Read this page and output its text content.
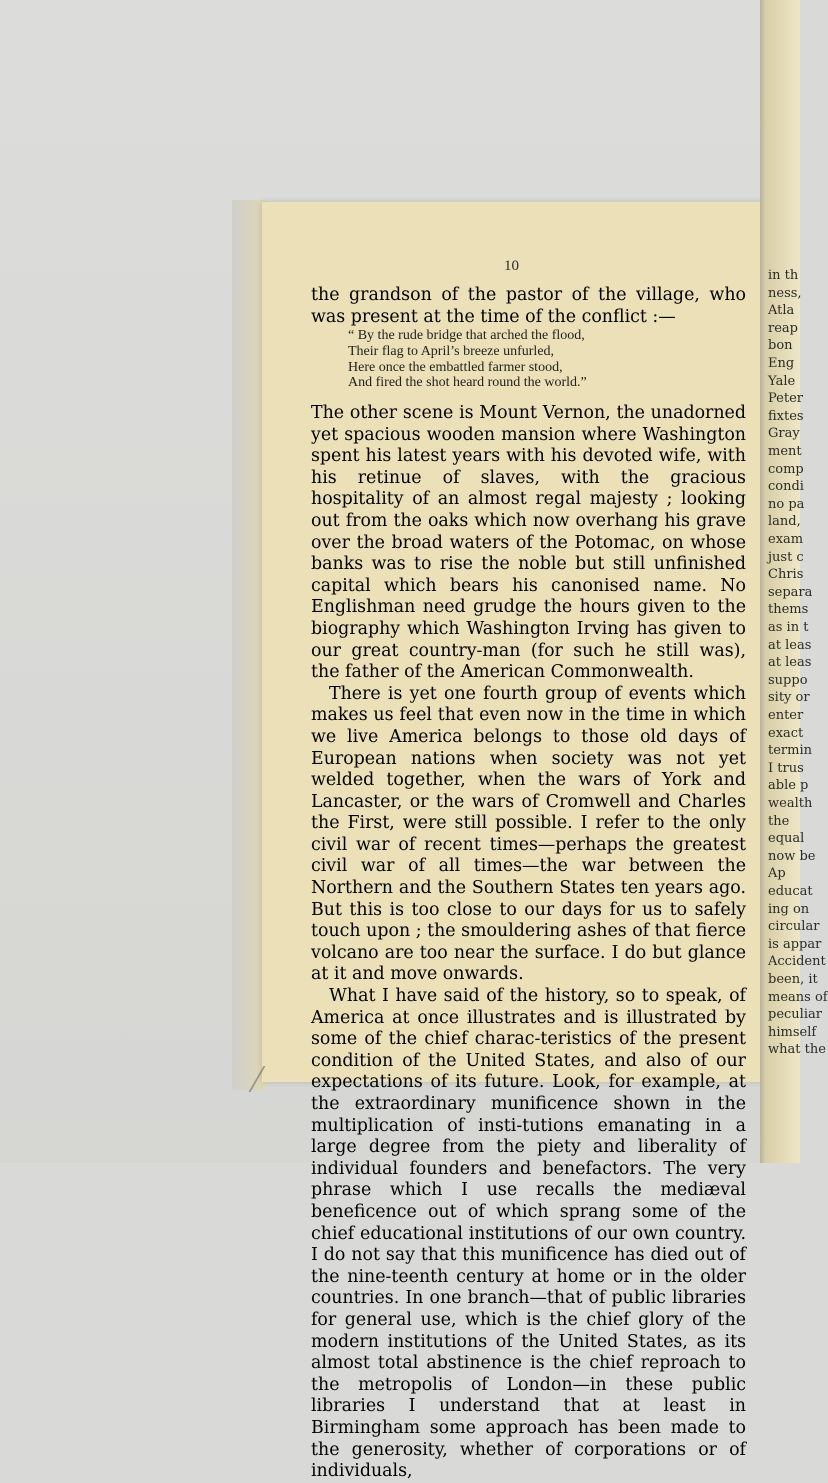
in th
ness,
Atla
reap
bon
Eng
Yale
Peter
fixtes
Gray
ment
comp
condi
no pa
land,
exam
just c
Chris
separa
thems
as in t
at leas
at leas
suppo
sity or
enter
exact
termin
I trus
able p
wealth
the
equal
now be
Ap
educat
ing on
circular
is appar
Accident
been, it
means of
peculiar
himself
what the
10

the grandson of the pastor of the village, who was present at the time of the conflict :—

“ By the rude bridge that arched the flood,
Their flag to April’s breeze unfurled,
Here once the embattled farmer stood,
And fired the shot heard round the world.”

The other scene is Mount Vernon, the unadorned yet spacious wooden mansion where Washington spent his latest years with his devoted wife, with his retinue of slaves, with the gracious hospitality of an almost regal majesty ; looking out from the oaks which now overhang his grave over the broad waters of the Potomac, on whose banks was to rise the noble but still unfinished capital which bears his canonised name. No Englishman need grudge the hours given to the biography which Washington Irving has given to our great country-man (for such he still was), the father of the American Commonwealth.

There is yet one fourth group of events which makes us feel that even now in the time in which we live America belongs to those old days of European nations when society was not yet welded together, when the wars of York and Lancaster, or the wars of Cromwell and Charles the First, were still possible. I refer to the only civil war of recent times—perhaps the greatest civil war of all times—the war between the Northern and the Southern States ten years ago. But this is too close to our days for us to safely touch upon ; the smouldering ashes of that fierce volcano are too near the surface. I do but glance at it and move onwards.

What I have said of the history, so to speak, of America at once illustrates and is illustrated by some of the chief charac-teristics of the present condition of the United States, and also of our expectations of its future. Look, for example, at the extraordinary munificence shown in the multiplication of insti-tutions emanating in a large degree from the piety and liberality of individual founders and benefactors. The very phrase which I use recalls the mediæval beneficence out of which sprang some of the chief educational institutions of our own country. I do not say that this munificence has died out of the nine-teenth century at home or in the older countries. In one branch—that of public libraries for general use, which is the chief glory of the modern institutions of the United States, as its almost total abstinence is the chief reproach to the metropolis of London—in these public libraries I understand that at least in Birmingham some approach has been made to the generosity, whether of corporations or of individuals,
